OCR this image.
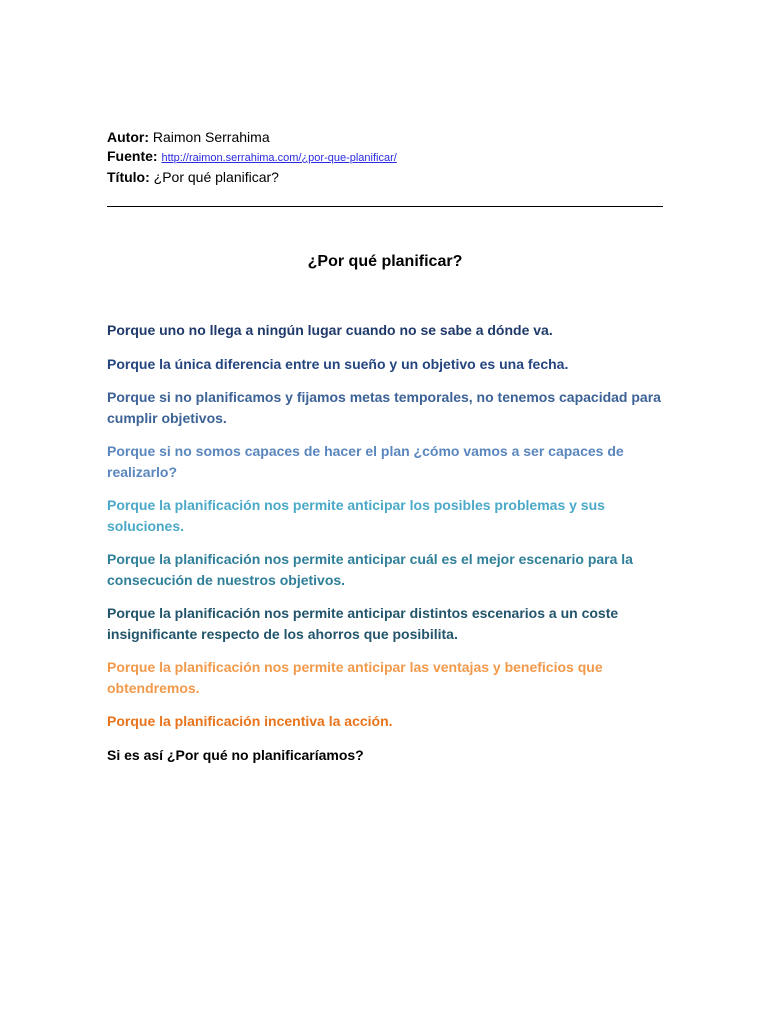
Autor: Raimon Serrahima
Fuente: http://raimon.serrahima.com/¿por-que-planificar/
Título: ¿Por qué planificar?
¿Por qué planificar?

Porque uno no llega a ningún lugar cuando no se sabe a dónde va.

Porque la única diferencia entre un sueño y un objetivo es una fecha.

Porque si no planificamos y fijamos metas temporales, no tenemos capacidad para cumplir objetivos.

Porque si no somos capaces de hacer el plan ¿cómo vamos a ser capaces de realizarlo?

Porque la planificación nos permite anticipar los posibles problemas y sus soluciones.

Porque la planificación nos permite anticipar cuál es el mejor escenario para la consecución de nuestros objetivos.

Porque la planificación nos permite anticipar distintos escenarios a un coste insignificante respecto de los ahorros que posibilita.

Porque la planificación nos permite anticipar las ventajas y beneficios que obtendremos.

Porque la planificación incentiva la acción.

Si es así ¿Por qué no planificaríamos?
